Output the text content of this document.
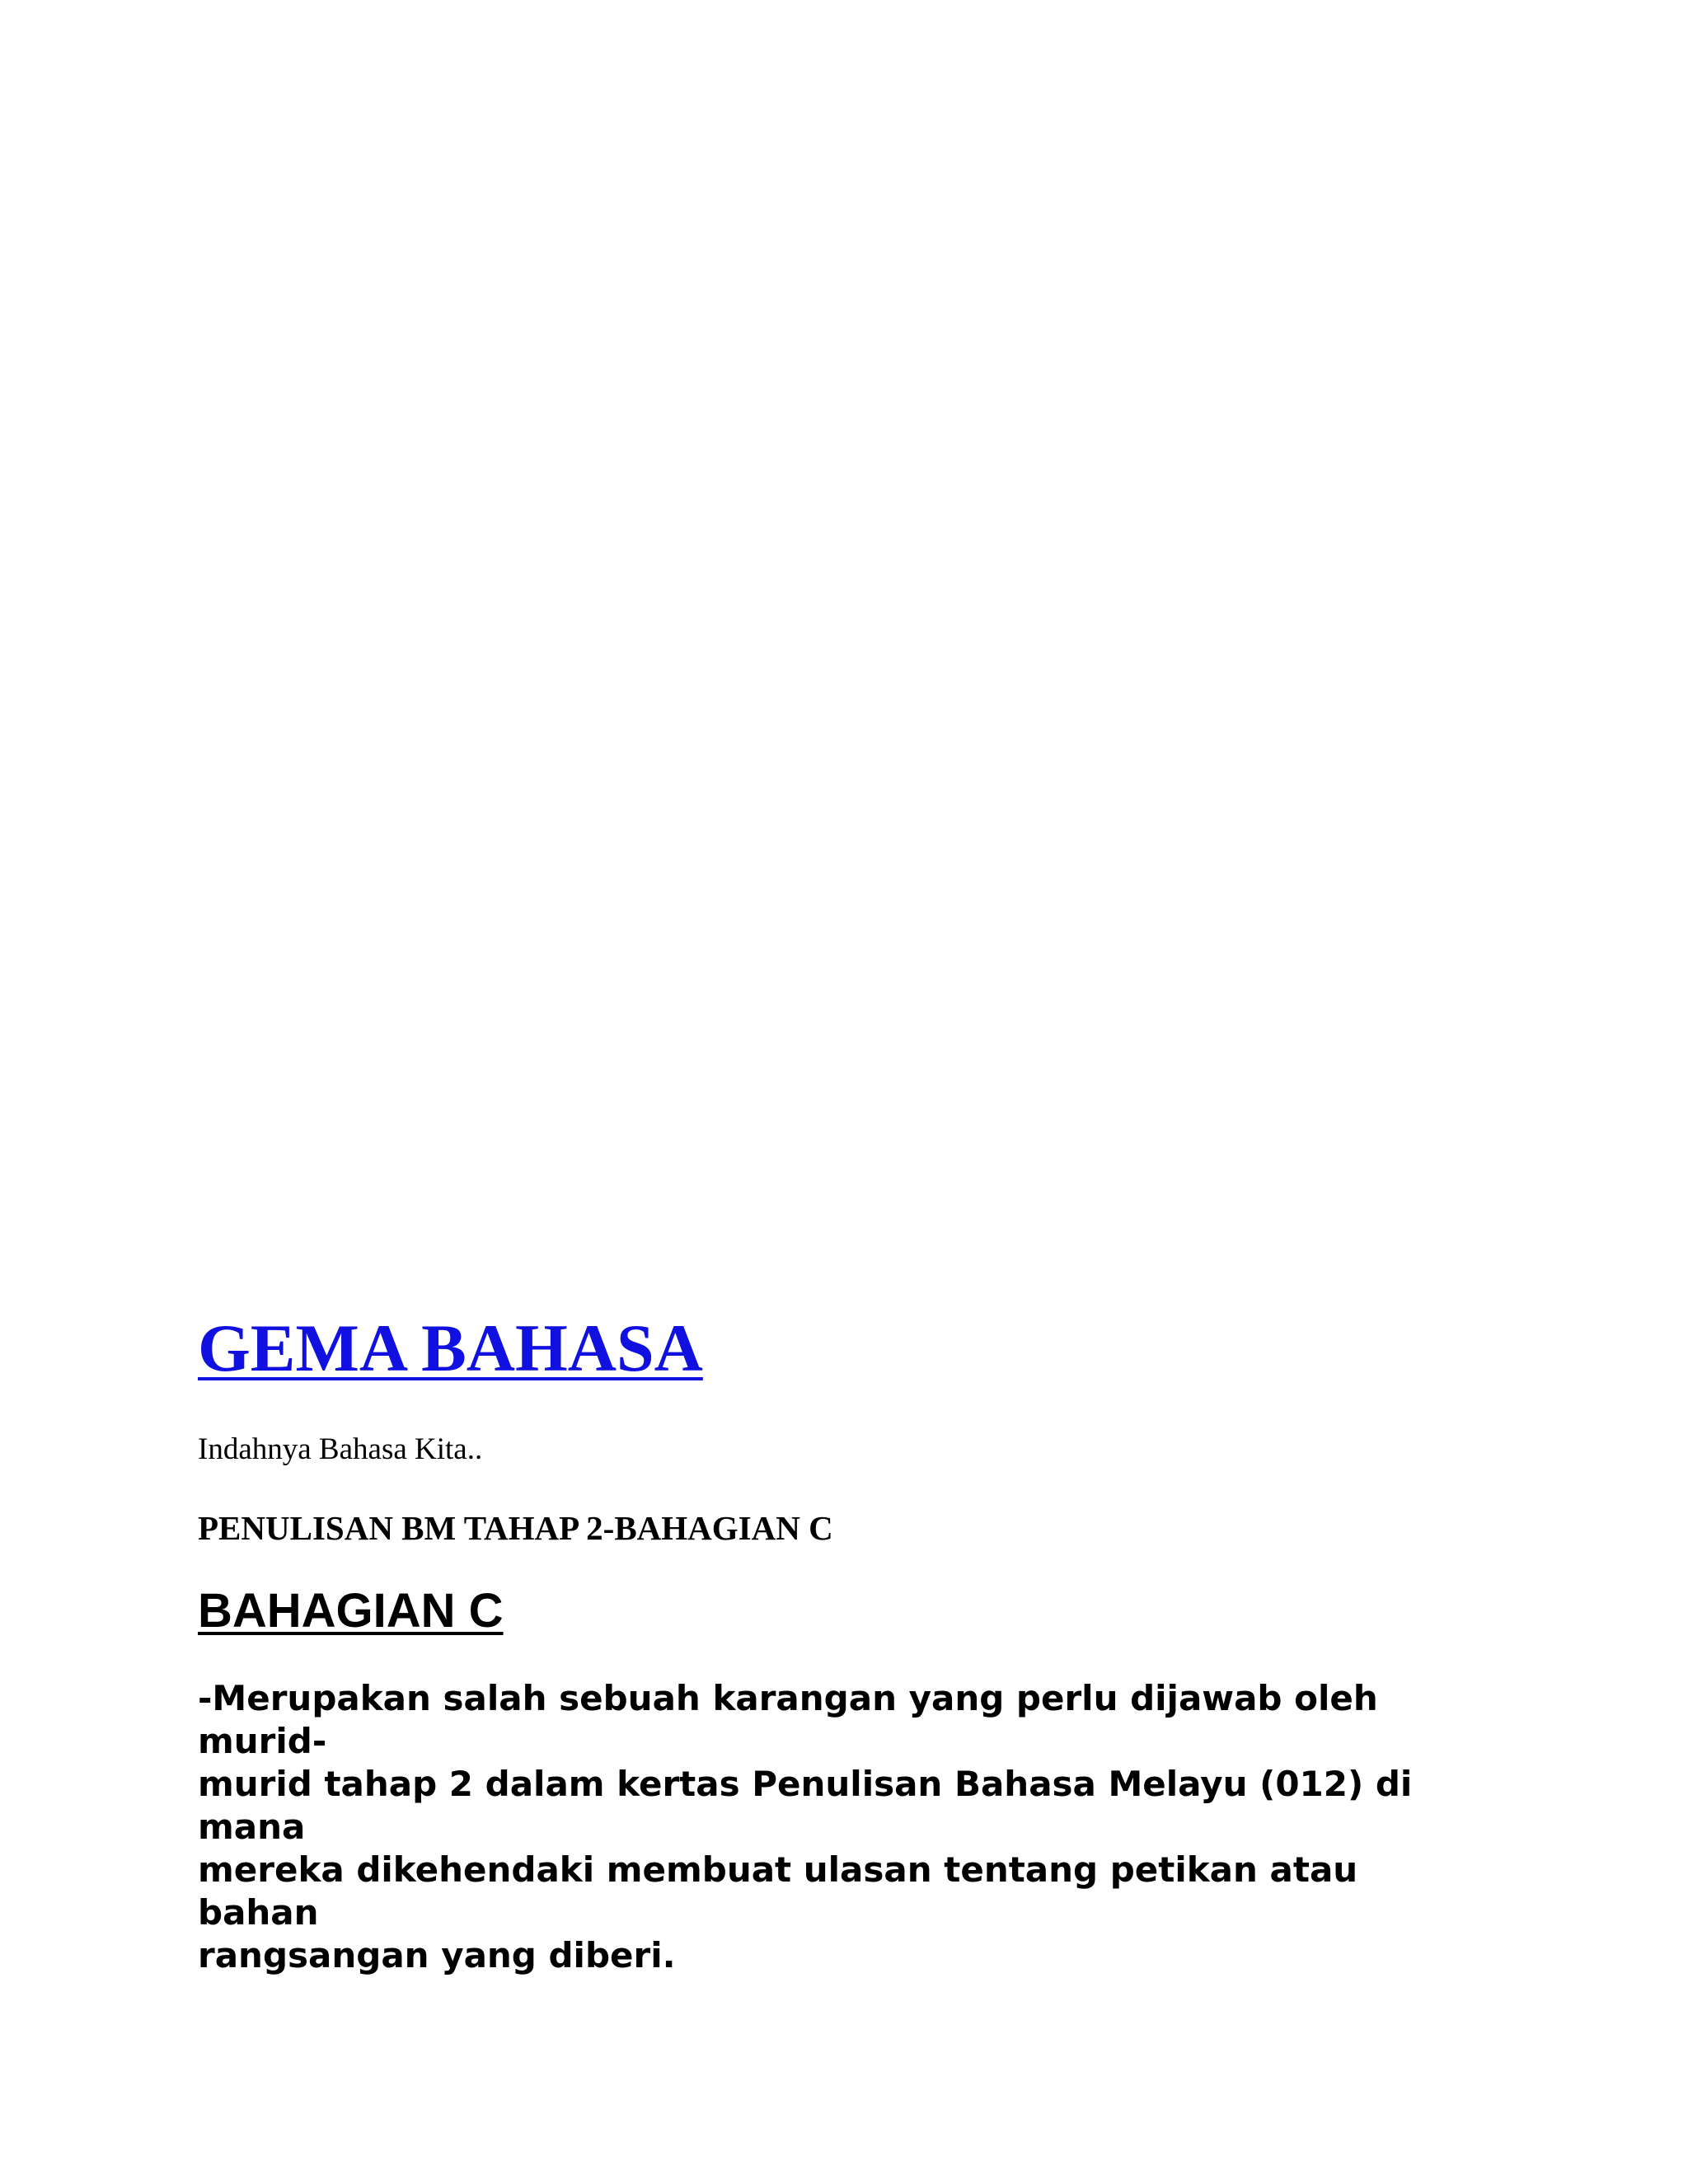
GEMA BAHASA
Indahnya Bahasa Kita..
PENULISAN BM TAHAP 2-BAHAGIAN C
BAHAGIAN C
-Merupakan salah sebuah karangan yang perlu dijawab oleh murid-
murid tahap 2 dalam kertas Penulisan Bahasa Melayu (012) di mana
mereka dikehendaki membuat ulasan tentang petikan atau bahan
rangsangan yang diberi.
